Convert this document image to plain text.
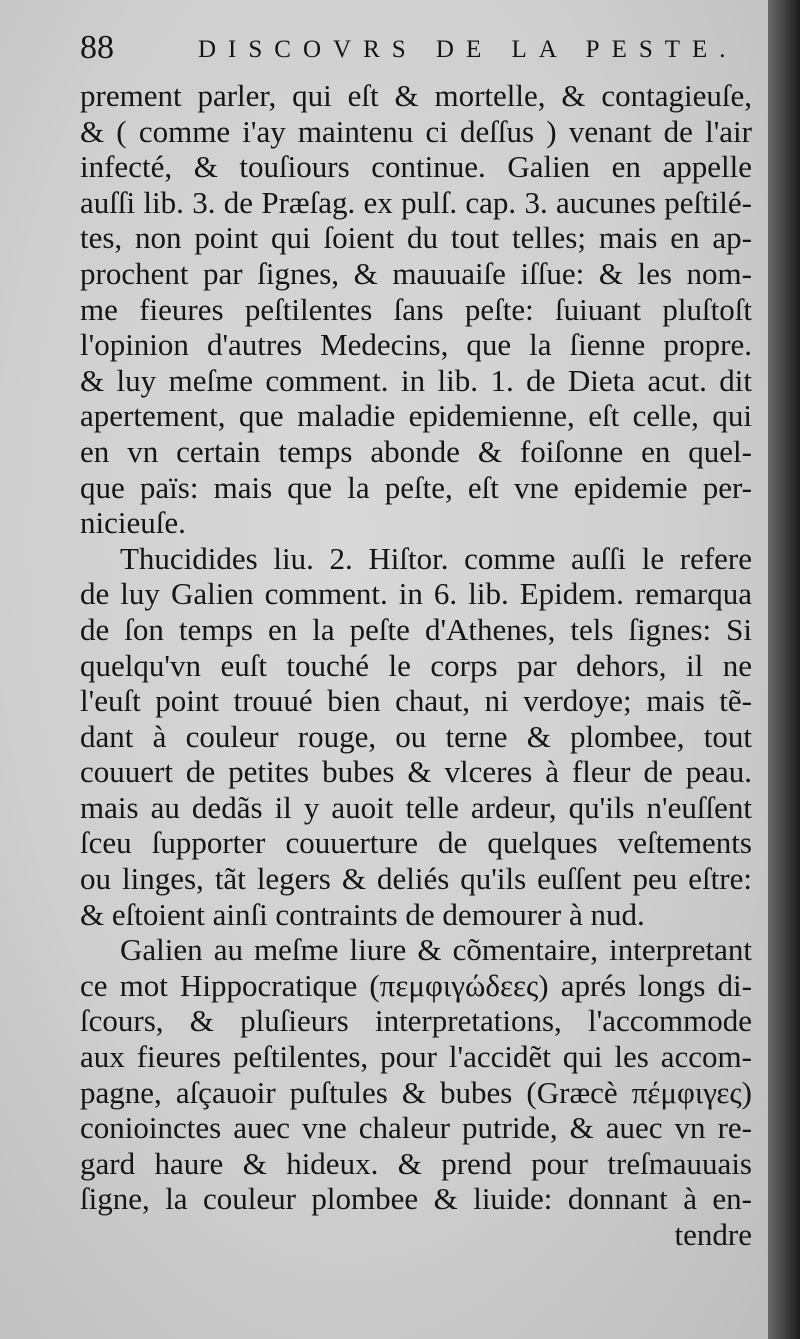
88	DISCOVRS DE LA PESTE.
prement parler, qui eſt & mortelle, & contagieuſe,
& ( comme i'ay maintenu ci deſſus ) venant de l'air
infecté, & touſiours continue. Galien en appelle
auſſi lib. 3. de Præſag. ex pulſ. cap. 3. aucunes peſtilé-
tes, non point qui ſoient du tout telles; mais en ap-
prochent par ſignes, & mauuaiſe iſſue: & les nom-
me fieures peſtilentes ſans peſte: ſuiuant pluſtoſt
l'opinion d'autres Medecins, que la ſienne propre.
& luy meſme comment. in lib. 1. de Dieta acut. dit
apertement, que maladie epidemienne, eſt celle, qui
en vn certain temps abonde & foiſonne en quel-
que païs: mais que la peſte, eſt vne epidemie per-
nicieuſe.
Thucidides liu. 2. Hiſtor. comme auſſi le refere
de luy Galien comment. in 6. lib. Epidem. remarqua
de ſon temps en la peſte d'Athenes, tels ſignes: Si
quelqu'vn euſt touché le corps par dehors, il ne
l'euſt point trouué bien chaut, ni verdoye; mais tẽ-
dant à couleur rouge, ou terne & plombee, tout
couuert de petites bubes & vlceres à fleur de peau.
mais au dedãs il y auoit telle ardeur, qu'ils n'euſſent
ſceu ſupporter couuerture de quelques veſtements
ou linges, tãt legers & deliés qu'ils euſſent peu eſtre:
& eſtoient ainſi contraints de demourer à nud.
Galien au meſme liure & cõmentaire, interpretant
ce mot Hippocratique (πεμφιγώδεες) aprés longs di-
ſcours, & pluſieurs interpretations, l'accommode
aux fieures peſtilentes, pour l'accidẽt qui les accom-
pagne, aſçauoir puſtules & bubes (Græcè πέμφιγες)
conioinctes auec vne chaleur putride, & auec vn re-
gard haure & hideux. & prend pour treſmauuais
ſigne, la couleur plombee & liuide: donnant à en-
tendre
